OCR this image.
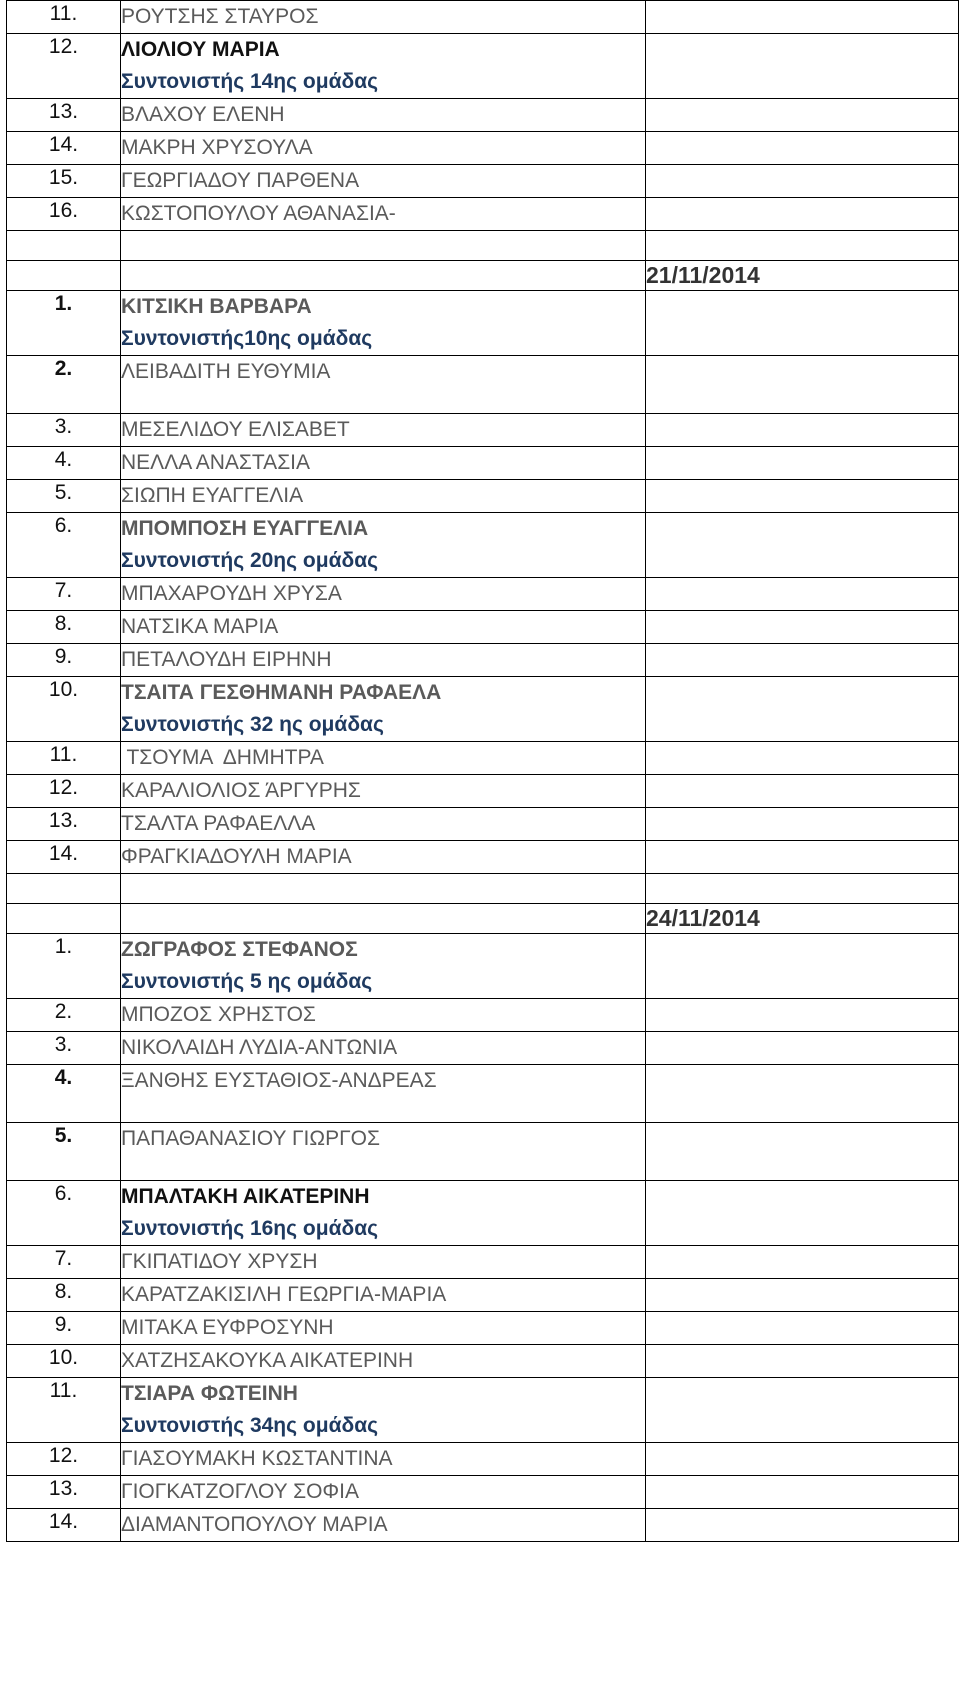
11.	ΡΟΥΤΣΗΣ ΣΤΑΥΡΟΣ	

12.	ΛΙΟΛΙΟΥ ΜΑΡΙΑ
Συντονιστής 14ης ομάδας	

13.	ΒΛΑΧΟΥ ΕΛΕΝΗ	

14.	ΜΑΚΡΗ ΧΡΥΣΟΥΛΑ	

15.	ΓΕΩΡΓΙΑΔΟΥ ΠΑΡΘΕΝΑ	

16.	ΚΩΣΤΟΠΟΥΛΟΥ ΑΘΑΝΑΣΙΑ-	

		21/11/2014
1.	ΚΙΤΣΙΚΗ ΒΑΡΒΑΡΑ
Συντονιστής10ης ομάδας	

2.	ΛΕΙΒΑΔΙΤΗ ΕΥΘΥΜΙΑ	

3.	ΜΕΣΕΛΙΔΟΥ ΕΛΙΣΑΒΕΤ	

4.	ΝΕΛΛΑ ΑΝΑΣΤΑΣΙΑ	

5.	ΣΙΩΠΗ ΕΥΑΓΓΕΛΙΑ	

6.	ΜΠΟΜΠΟΣΗ ΕΥΑΓΓΕΛΙΑ
Συντονιστής 20ης ομάδας	

7.	ΜΠΑΧΑΡΟΥΔΗ ΧΡΥΣΑ	

8.	ΝΑΤΣΙΚΑ ΜΑΡΙΑ	

9.	ΠΕΤΑΛΟΥΔΗ ΕΙΡΗΝΗ	

10.	ΤΣΑΙΤΑ ΓΕΣΘΗΜΑΝΗ ΡΑΦΑΕΛΑ
Συντονιστής 32 ης ομάδας	

11.	ΤΣΟΥΜΑ  ΔΗΜΗΤΡΑ	

12.	ΚΑΡΑΛΙΟΛΙΟΣ ΆΡΓΥΡΗΣ	

13.	ΤΣΑΛΤΑ ΡΑΦΑΕΛΛΑ	

14.	ΦΡΑΓΚΙΑΔΟΥΛΗ ΜΑΡΙΑ	

		24/11/2014
1.	ΖΩΓΡΑΦΟΣ ΣΤΕΦΑΝΟΣ
Συντονιστής 5 ης ομάδας	

2.	ΜΠΟΖΟΣ ΧΡΗΣΤΟΣ	

3.	ΝΙΚΟΛΑΙΔΗ ΛΥΔΙΑ-ΑΝΤΩΝΙΑ	

4.	ΞΑΝΘΗΣ ΕΥΣΤΑΘΙΟΣ-ΑΝΔΡΕΑΣ	

5.	ΠΑΠΑΘΑΝΑΣΙΟΥ ΓΙΩΡΓΟΣ	

6.	ΜΠΑΛΤΑΚΗ ΑΙΚΑΤΕΡΙΝΗ
Συντονιστής 16ης ομάδας	

7.	ΓΚΙΠΑΤΙΔΟΥ ΧΡΥΣΗ	

8.	ΚΑΡΑΤΖΑΚΙΣΙΛΗ ΓΕΩΡΓΙΑ-ΜΑΡΙΑ	

9.	ΜΙΤΑΚΑ ΕΥΦΡΟΣΥΝΗ	

10.	ΧΑΤΖΗΣΑΚΟΥΚΑ ΑΙΚΑΤΕΡΙΝΗ	

11.	ΤΣΙΑΡΑ ΦΩΤΕΙΝΗ
Συντονιστής 34ης ομάδας	

12.	ΓΙΑΣΟΥΜΑΚΗ ΚΩΣΤΑΝΤΙΝΑ	

13.	ΓΙΟΓΚΑΤΖΟΓΛΟΥ ΣΟΦΙΑ	

14.	ΔΙΑΜΑΝΤΟΠΟΥΛΟΥ ΜΑΡΙΑ	
